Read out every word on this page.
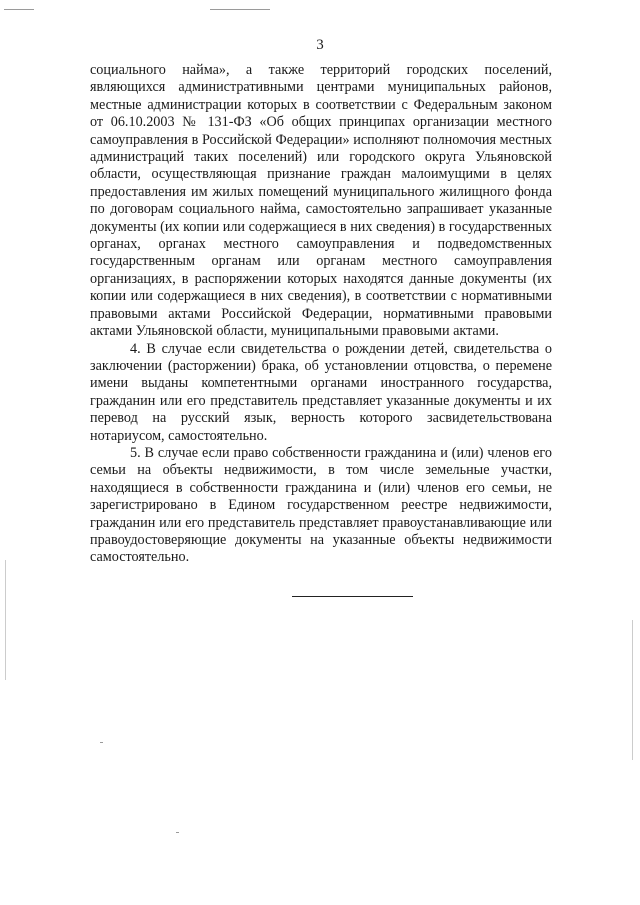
3

социального найма», а также территорий городских поселений, являющихся административными центрами муниципальных районов, местные администрации которых в соответствии с Федеральным законом от 06.10.2003 № 131-ФЗ «Об общих принципах организации местного самоуправления в Российской Федерации» исполняют полномочия местных администраций таких поселений) или городского округа Ульяновской области, осуществляющая признание граждан малоимущими в целях предоставления им жилых помещений муниципального жилищного фонда по договорам социального найма, самостоятельно запрашивает указанные документы (их копии или содержащиеся в них сведения) в государственных органах, органах местного самоуправления и подведомственных государственным органам или органам местного самоуправления организациях, в распоряжении которых находятся данные документы (их копии или содержащиеся в них сведения), в соответствии с нормативными правовыми актами Российской Федерации, нормативными правовыми актами Ульяновской области, муниципальными правовыми актами.

4. В случае если свидетельства о рождении детей, свидетельства о заключении (расторжении) брака, об установлении отцовства, о перемене имени выданы компетентными органами иностранного государства, гражданин или его представитель представляет указанные документы и их перевод на русский язык, верность которого засвидетельствована нотариусом, самостоятельно.

5. В случае если право собственности гражданина и (или) членов его семьи на объекты недвижимости, в том числе земельные участки, находящиеся в собственности гражданина и (или) членов его семьи, не зарегистрировано в Едином государственном реестре недвижимости, гражданин или его представитель представляет правоустанавливающие или правоудостоверяющие документы на указанные объекты недвижимости самостоятельно.
